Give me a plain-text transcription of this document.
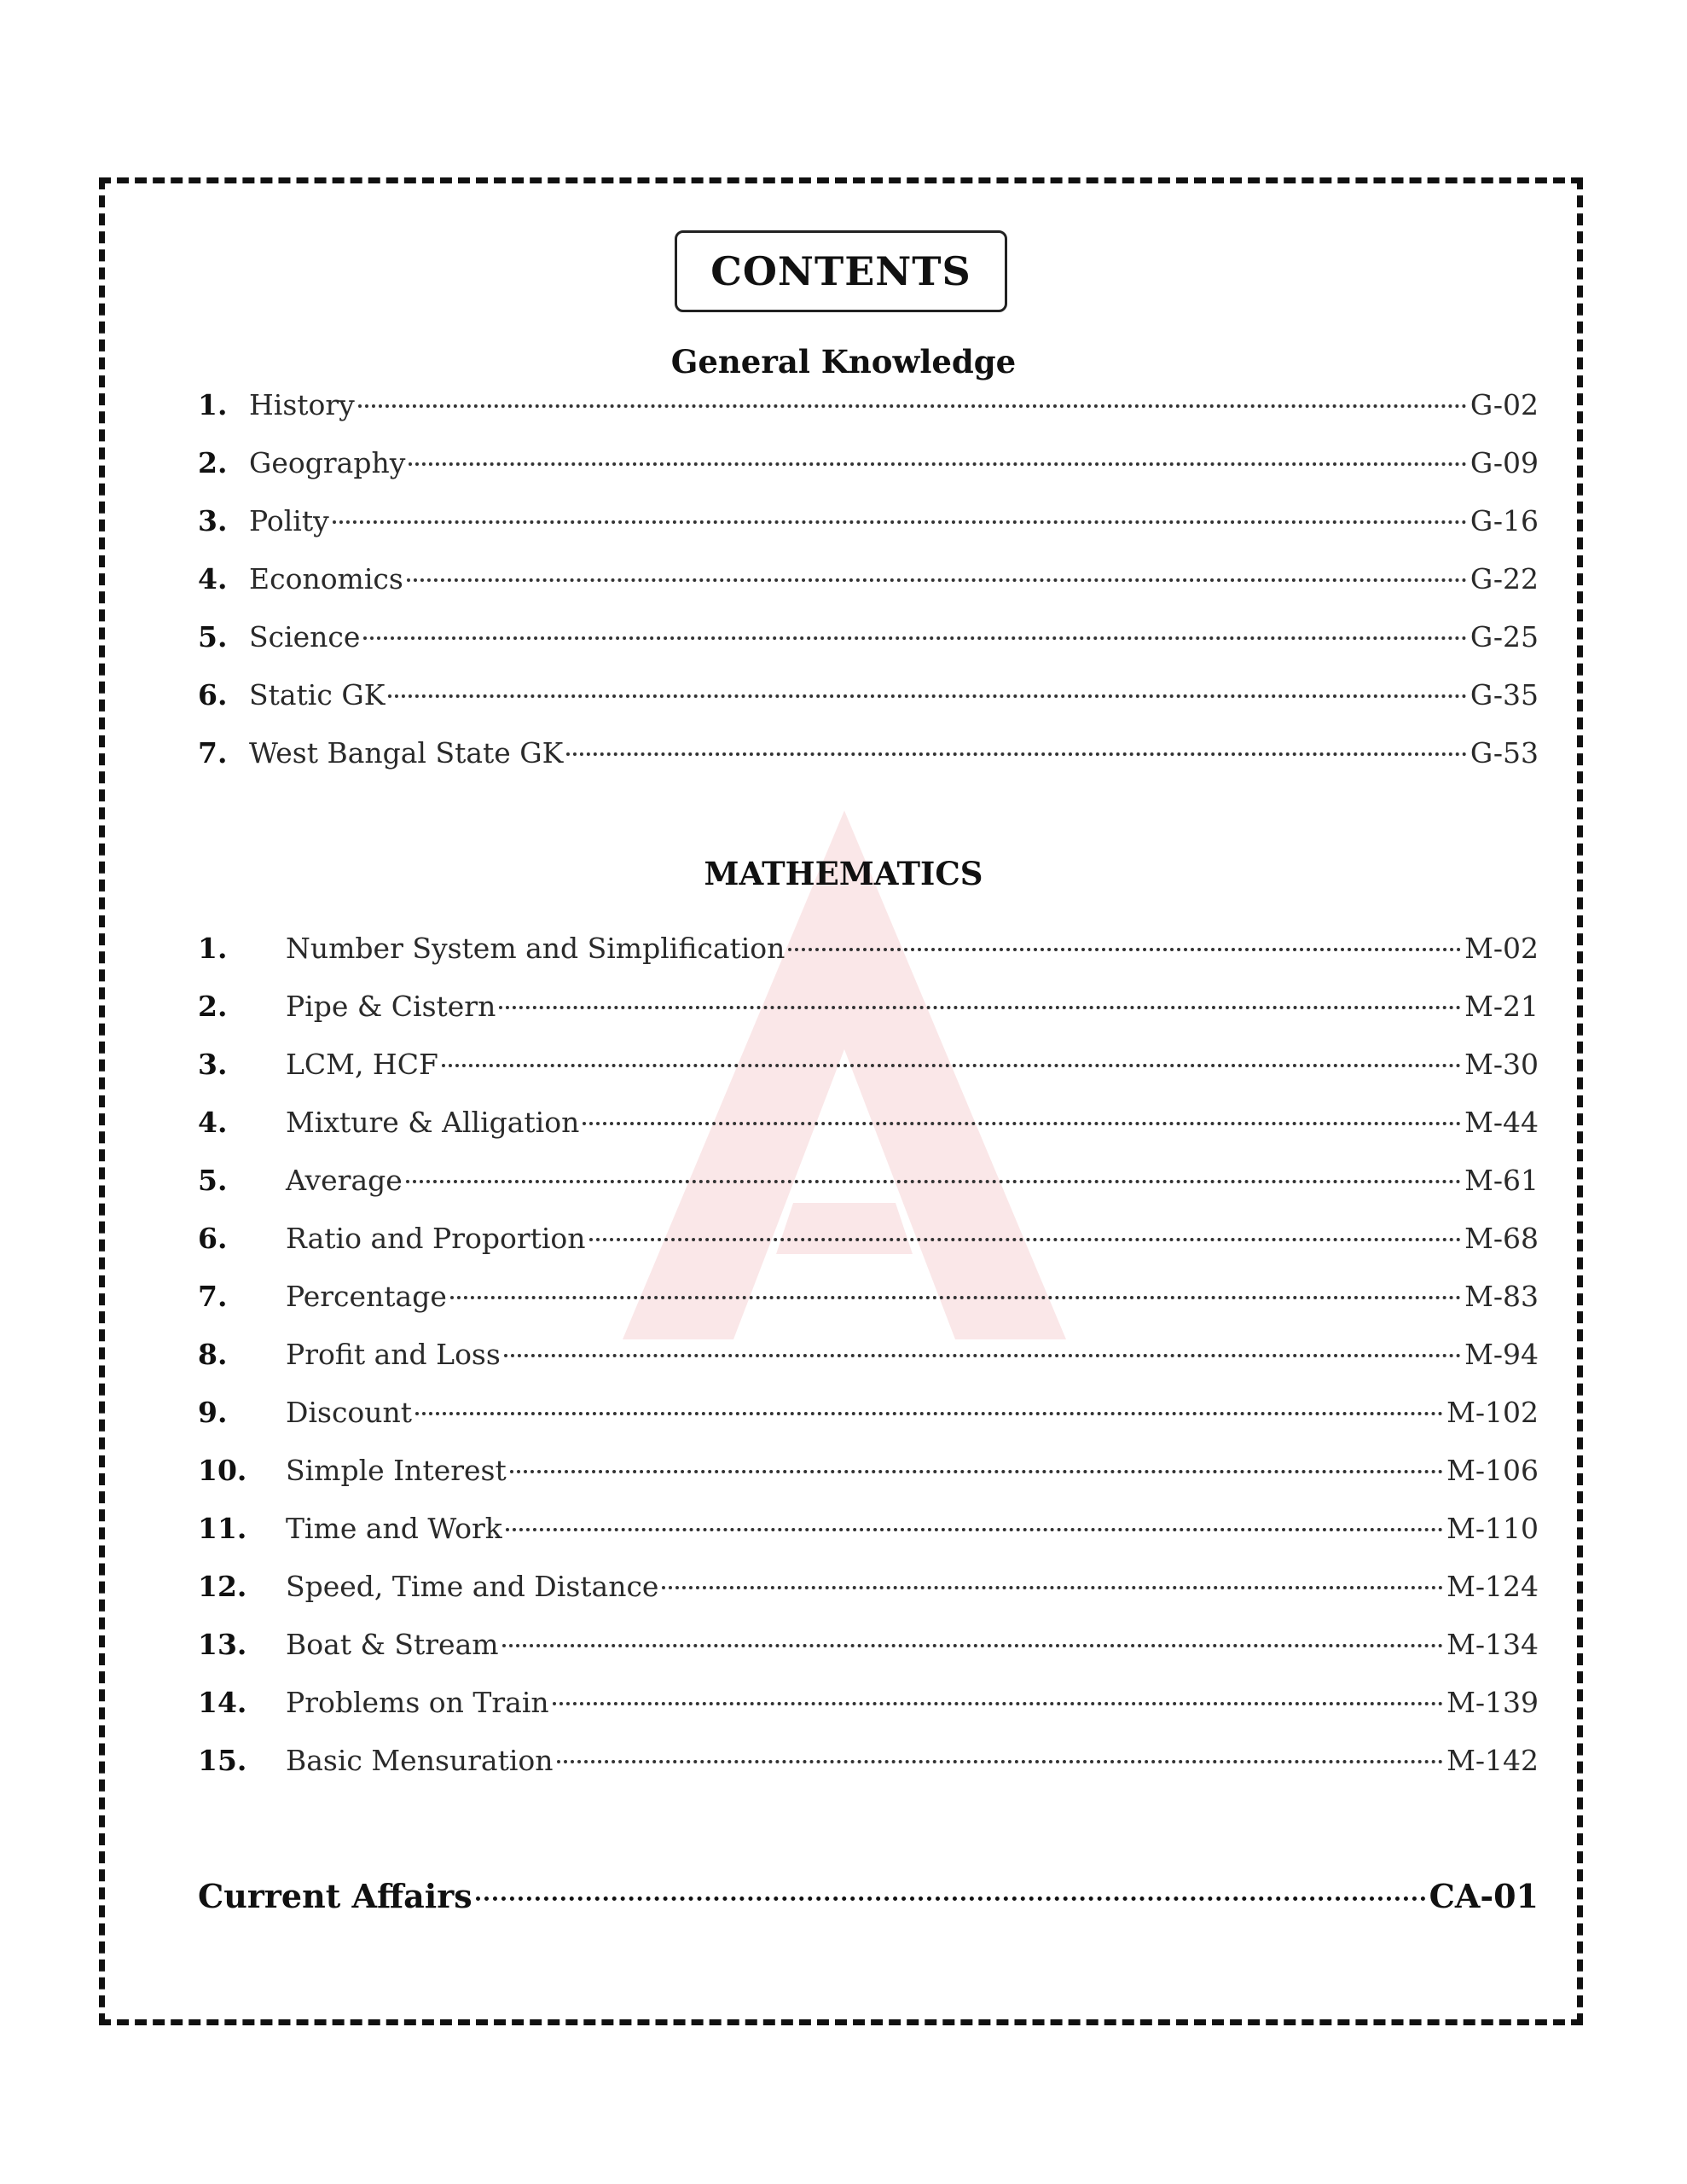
CONTENTS
General Knowledge
1. History	G-02
2. Geography	G-09
3. Polity	G-16
4. Economics	G-22
5. Science	G-25
6. Static GK	G-35
7. West Bangal State GK	G-53
MATHEMATICS
1.	Number System and Simplification	M-02
2.	Pipe & Cistern	M-21
3.	LCM, HCF	M-30
4.	Mixture & Alligation	M-44
5.	Average	M-61
6.	Ratio and Proportion	M-68
7.	Percentage	M-83
8.	Profit and Loss	M-94
9.	Discount	M-102
10.	Simple Interest	M-106
11.	Time and Work	M-110
12.	Speed, Time and Distance	M-124
13.	Boat & Stream	M-134
14.	Problems on Train	M-139
15.	Basic Mensuration	M-142
Current Affairs	CA-01
